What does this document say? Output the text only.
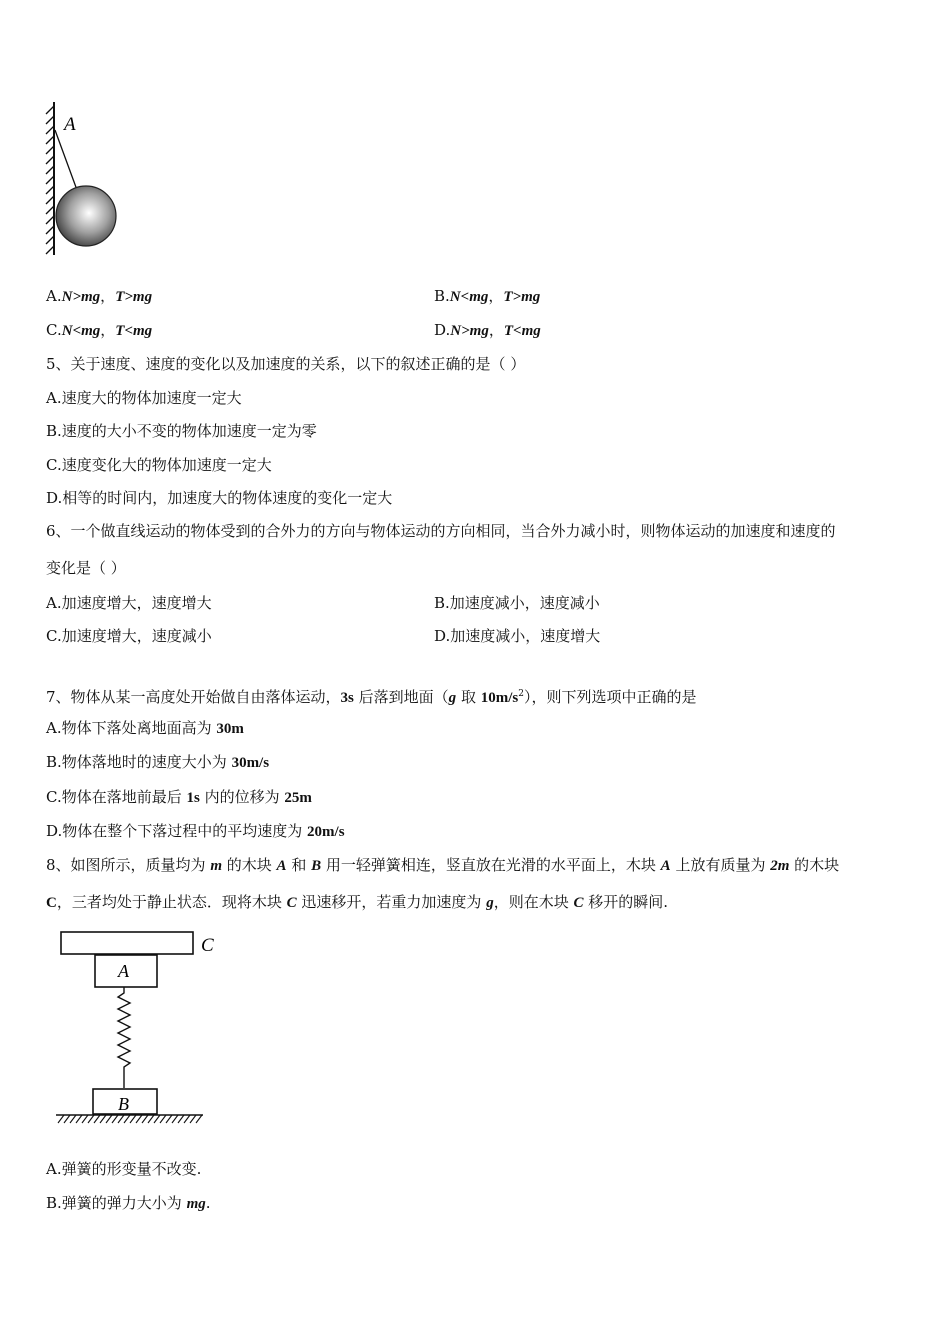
A
A.N>mg，T>mg	B.N<mg，T>mg
C.N<mg，T<mg	D.N>mg，T<mg
5、关于速度、速度的变化以及加速度的关系，以下的叙述正确的是（ ）
A.速度大的物体加速度一定大
B.速度的大小不变的物体加速度一定为零
C.速度变化大的物体加速度一定大
D.相等的时间内，加速度大的物体速度的变化一定大
6、一个做直线运动的物体受到的合外力的方向与物体运动的方向相同，当合外力减小时，则物体运动的加速度和速度的
变化是（ ）
A.加速度增大，速度增大	B.加速度减小，速度减小
C.加速度增大，速度减小	D.加速度减小，速度增大
7、物体从某一高度处开始做自由落体运动，3s 后落到地面（g 取 $10m/s^2$），则下列选项中正确的是
A.物体下落处离地面高为 30m
B.物体落地时的速度大小为 30m/s
C.物体在落地前最后 1s 内的位移为 25m
D.物体在整个下落过程中的平均速度为 20m/s
8、如图所示，质量均为 m 的木块 A 和 B 用一轻弹簧相连，竖直放在光滑的水平面上，木块 A 上放有质量为 2m 的木块
C，三者均处于静止状态．现将木块 C 迅速移开，若重力加速度为 g，则在木块 C 移开的瞬间.
C
A
B
A.弹簧的形变量不改变.
B.弹簧的弹力大小为 mg.
